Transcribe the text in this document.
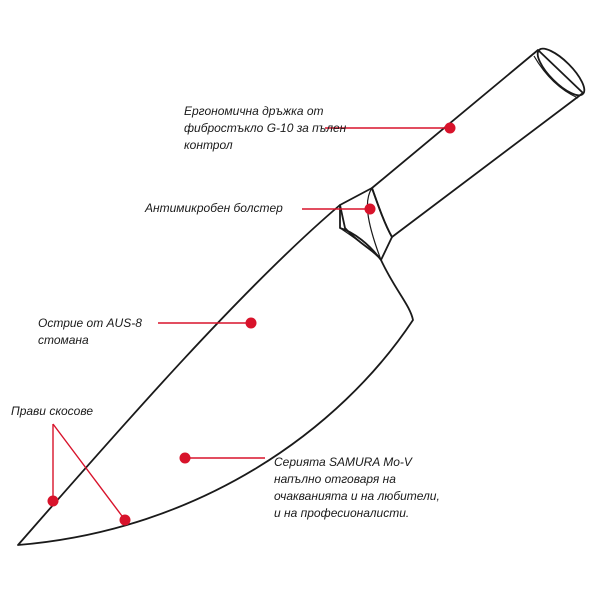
Ергономична дръжка от
фибростъкло G-10 за пълен
контрол
Антимикробен болстер
Острие от AUS-8
стомана
Прави скосове
Серията SAMURA Mo-V
напълно отговаря на
очакванията и на любители,
и на професионалисти.
